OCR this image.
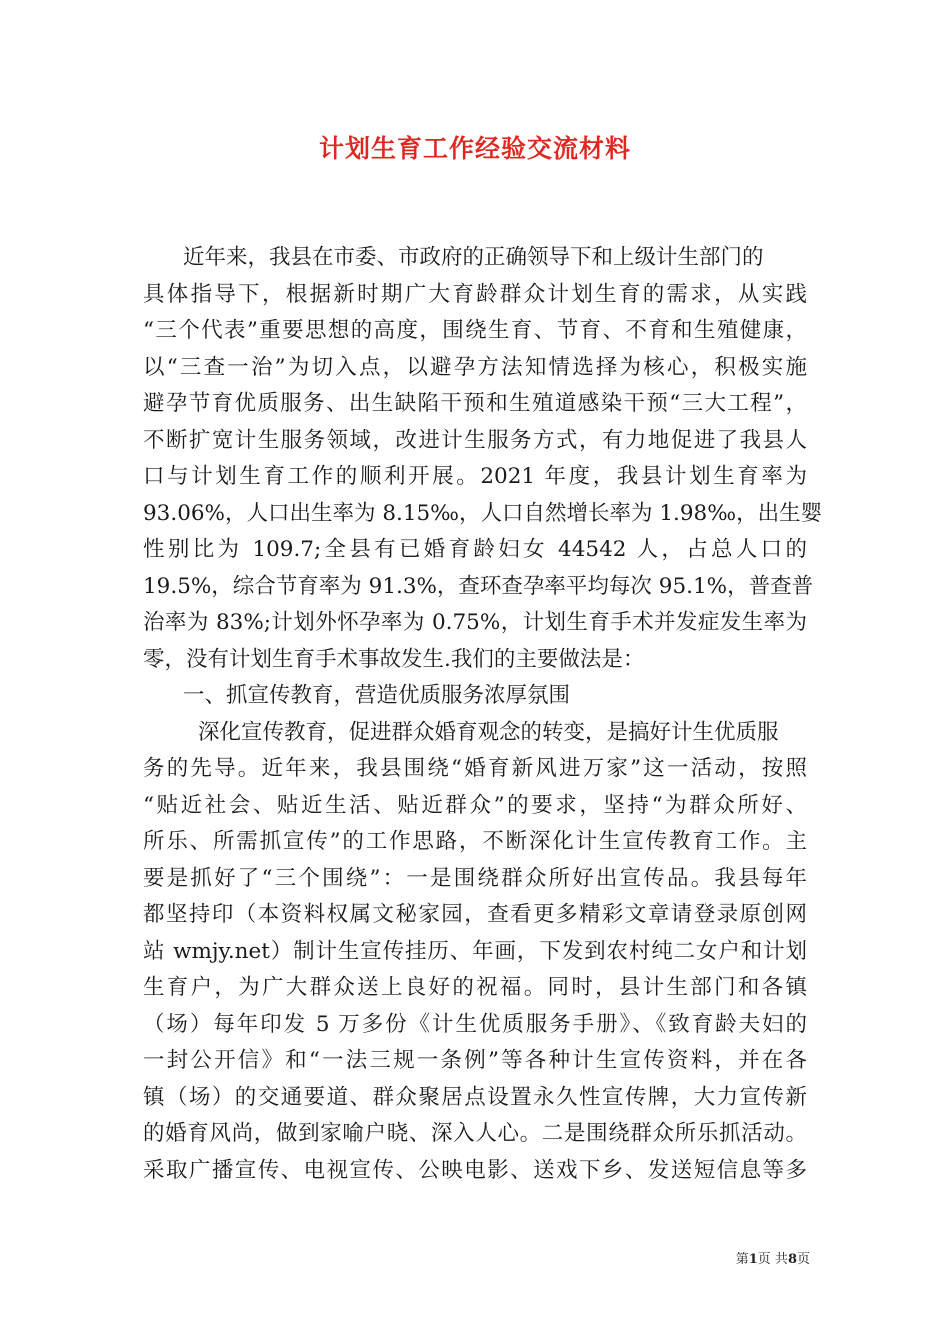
计划生育工作经验交流材料
近年来，我县在市委、市政府的正确领导下和上级计生部门的
具体指导下，根据新时期广大育龄群众计划生育的需求，从实践
“三个代表”重要思想的高度，围绕生育、节育、不育和生殖健康，
以“三查一治”为切入点，以避孕方法知情选择为核心，积极实施
避孕节育优质服务、出生缺陷干预和生殖道感染干预“三大工程”，
不断扩宽计生服务领域，改进计生服务方式，有力地促进了我县人
口与计划生育工作的顺利开展。2021 年度，我县计划生育率为
93.06%，人口出生率为 8.15‰，人口自然增长率为 1.98‰，出生婴
性别比为 109.7;全县有已婚育龄妇女 44542 人，占总人口的
19.5%，综合节育率为 91.3%，查环查孕率平均每次 95.1%，普查普
治率为 83%;计划外怀孕率为 0.75%，计划生育手术并发症发生率为
零，没有计划生育手术事故发生.我们的主要做法是：
一、抓宣传教育，营造优质服务浓厚氛围
深化宣传教育，促进群众婚育观念的转变，是搞好计生优质服
务的先导。近年来，我县围绕“婚育新风进万家”这一活动，按照
“贴近社会、贴近生活、贴近群众”的要求，坚持“为群众所好、
所乐、所需抓宣传”的工作思路，不断深化计生宣传教育工作。主
要是抓好了“三个围绕”：一是围绕群众所好出宣传品。我县每年
都坚持印（本资料权属文秘家园，查看更多精彩文章请登录原创网
站 wmjy.net）制计生宣传挂历、年画，下发到农村纯二女户和计划
生育户，为广大群众送上良好的祝福。同时，县计生部门和各镇
（场）每年印发 5 万多份《计生优质服务手册》、《致育龄夫妇的
一封公开信》和“一法三规一条例”等各种计生宣传资料，并在各
镇（场）的交通要道、群众聚居点设置永久性宣传牌，大力宣传新
的婚育风尚，做到家喻户晓、深入人心。二是围绕群众所乐抓活动。
采取广播宣传、电视宣传、公映电影、送戏下乡、发送短信息等多
第1页 共8页
